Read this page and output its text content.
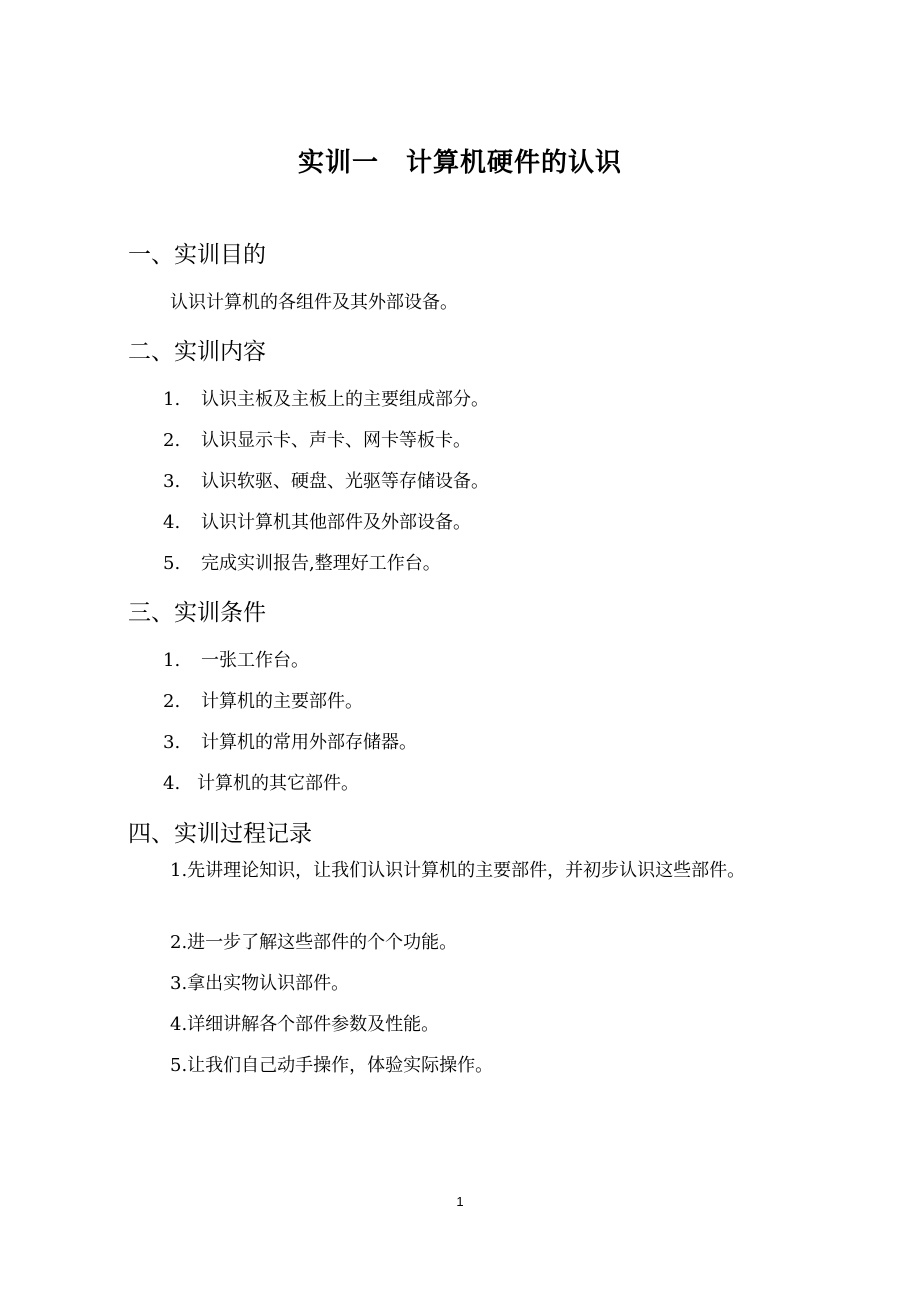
实训一　计算机硬件的认识
一、实训目的
认识计算机的各组件及其外部设备。
二、实训内容
1. 认识主板及主板上的主要组成部分。
2. 认识显示卡、声卡、网卡等板卡。
3. 认识软驱、硬盘、光驱等存储设备。
4. 认识计算机其他部件及外部设备。
5. 完成实训报告,整理好工作台。
三、实训条件
1. 一张工作台。
2. 计算机的主要部件。
3. 计算机的常用外部存储器。
4. 计算机的其它部件。
四、实训过程记录
1.先讲理论知识，让我们认识计算机的主要部件，并初步认识这些部件。
2.进一步了解这些部件的个个功能。
3.拿出实物认识部件。
4.详细讲解各个部件参数及性能。
5.让我们自己动手操作，体验实际操作。
1
